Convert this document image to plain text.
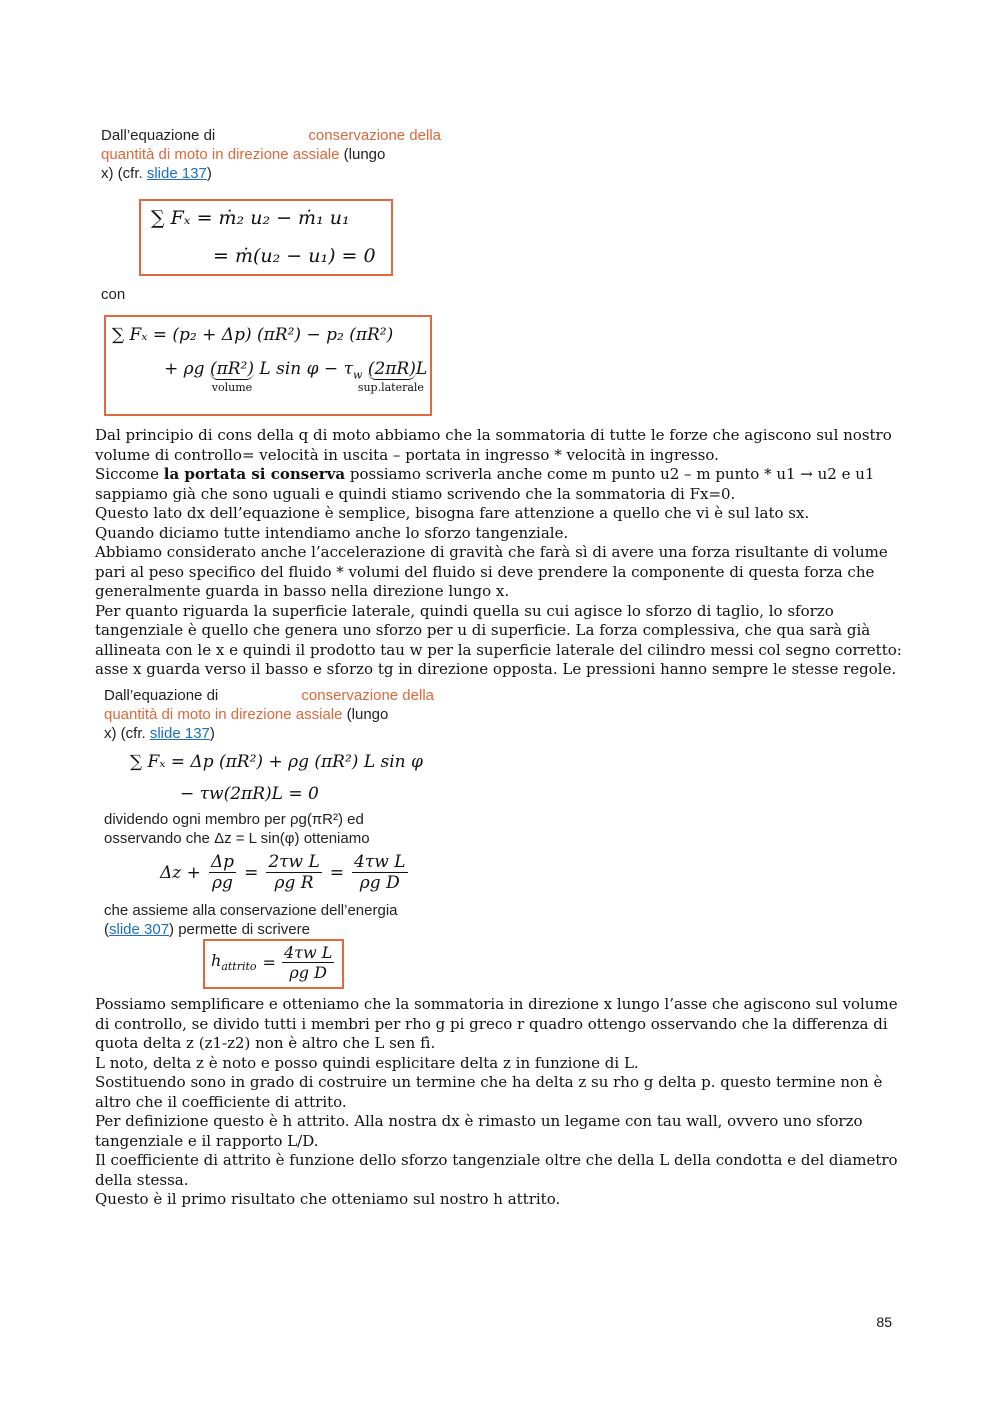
Dall’equazione di	conservazione della
quantità di moto in direzione assiale (lungo
x) (cfr. slide 137)
∑ Fₓ = ṁ₂ u₂ − ṁ₁ u₁
= ṁ(u₂ − u₁) = 0
con
∑ Fₓ = (p₂ + Δp) (πR²) − p₂ (πR²)
+ ρg (πR²)
volume
L $\sin \varphi - \tau_w$ (2πR)
sup.laterale
L

Dal principio di cons della q di moto abbiamo che la sommatoria di tutte le forze che agiscono sul nostro volume di controllo= velocità in uscita – portata in ingresso * velocità in ingresso.

Siccome la portata si conserva possiamo scriverla anche come m punto u2 – m punto * u1 → u2 e u1 sappiamo già che sono uguali e quindi stiamo scrivendo che la sommatoria di Fx=0.

Questo lato dx dell’equazione è semplice, bisogna fare attenzione a quello che vi è sul lato sx.

Quando diciamo tutte intendiamo anche lo sforzo tangenziale.

Abbiamo considerato anche l’accelerazione di gravità che farà sì di avere una forza risultante di volume pari al peso specifico del fluido * volumi del fluido si deve prendere la componente di questa forza che generalmente guarda in basso nella direzione lungo x.

Per quanto riguarda la superficie laterale, quindi quella su cui agisce lo sforzo di taglio, lo sforzo tangenziale è quello che genera uno sforzo per u di superficie. La forza complessiva, che qua sarà già allineata con le x e quindi il prodotto tau w per la superficie laterale del cilindro messi col segno corretto:

asse x guarda verso il basso e sforzo tg in direzione opposta. Le pressioni hanno sempre le stesse regole.

Dall’equazione di	conservazione della
quantità di moto in direzione assiale (lungo
x) (cfr. slide 137)
∑ Fₓ = Δp (πR²) + ρg (πR²) L sin φ
− τw(2πR)L = 0
dividendo ogni membro per ρg(πR²) ed
osservando che Δz = L sin(φ) otteniamo
$\Delta z + \frac{\Delta p}{\rho g} = \frac{\text{2τw L}}{\text{ρg R}} = \frac{\text{4τw L}}{\text{ρg D}}$
che assieme alla conservazione dell’energia
(slide 307) permette di scrivere
$h_{attrito} = \frac{\text{4τw L}}{\text{ρg D}}$

Possiamo semplificare e otteniamo che la sommatoria in direzione x lungo l’asse che agiscono sul volume di controllo, se divido tutti i membri per rho g pi greco r quadro ottengo osservando che la differenza di quota delta z (z1-z2) non è altro che L sen fì.

L noto, delta z è noto e posso quindi esplicitare delta z in funzione di L.

Sostituendo sono in grado di costruire un termine che ha delta z su rho g delta p. questo termine non è altro che il coefficiente di attrito.

Per definizione questo è h attrito. Alla nostra dx è rimasto un legame con tau wall, ovvero uno sforzo tangenziale e il rapporto L/D.

Il coefficiente di attrito è funzione dello sforzo tangenziale oltre che della L della condotta e del diametro della stessa.

Questo è il primo risultato che otteniamo sul nostro h attrito.

85
